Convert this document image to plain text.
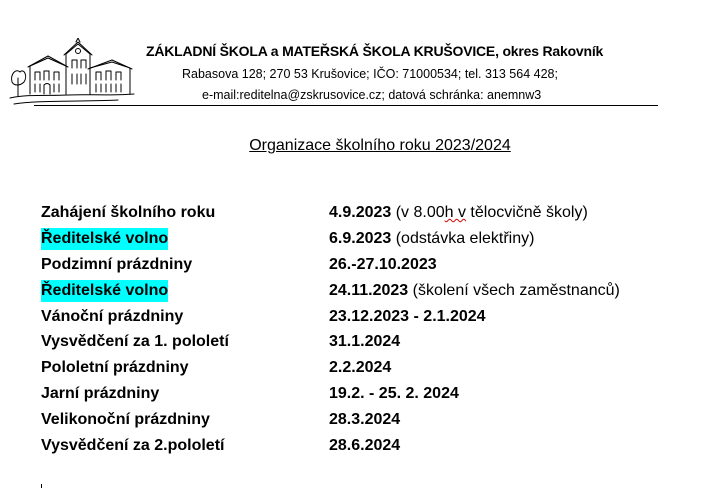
ZÁKLADNÍ ŠKOLA a MATEŘSKÁ ŠKOLA KRUŠOVICE, okres Rakovník
Rabasova 128; 270 53 Krušovice; IČO: 71000534; tel. 313 564 428;
e-mail:reditelna@zskrusovice.cz; datová schránka: anemnw3
Organizace školního roku 2023/2024
Zahájení školního roku	4.9.2023 (v 8.00h v tělocvičně školy)
Ředitelské volno	6.9.2023 (odstávka elektřiny)
Podzimní prázdniny	26.-27.10.2023
Ředitelské volno	24.11.2023 (školení všech zaměstnanců)
Vánoční prázdniny	23.12.2023 - 2.1.2024
Vysvědčení za 1. pololetí	31.1.2024
Pololetní prázdniny	2.2.2024
Jarní prázdniny	19.2. - 25. 2. 2024
Velikonoční prázdniny	28.3.2024
Vysvědčení za 2.pololetí	28.6.2024
